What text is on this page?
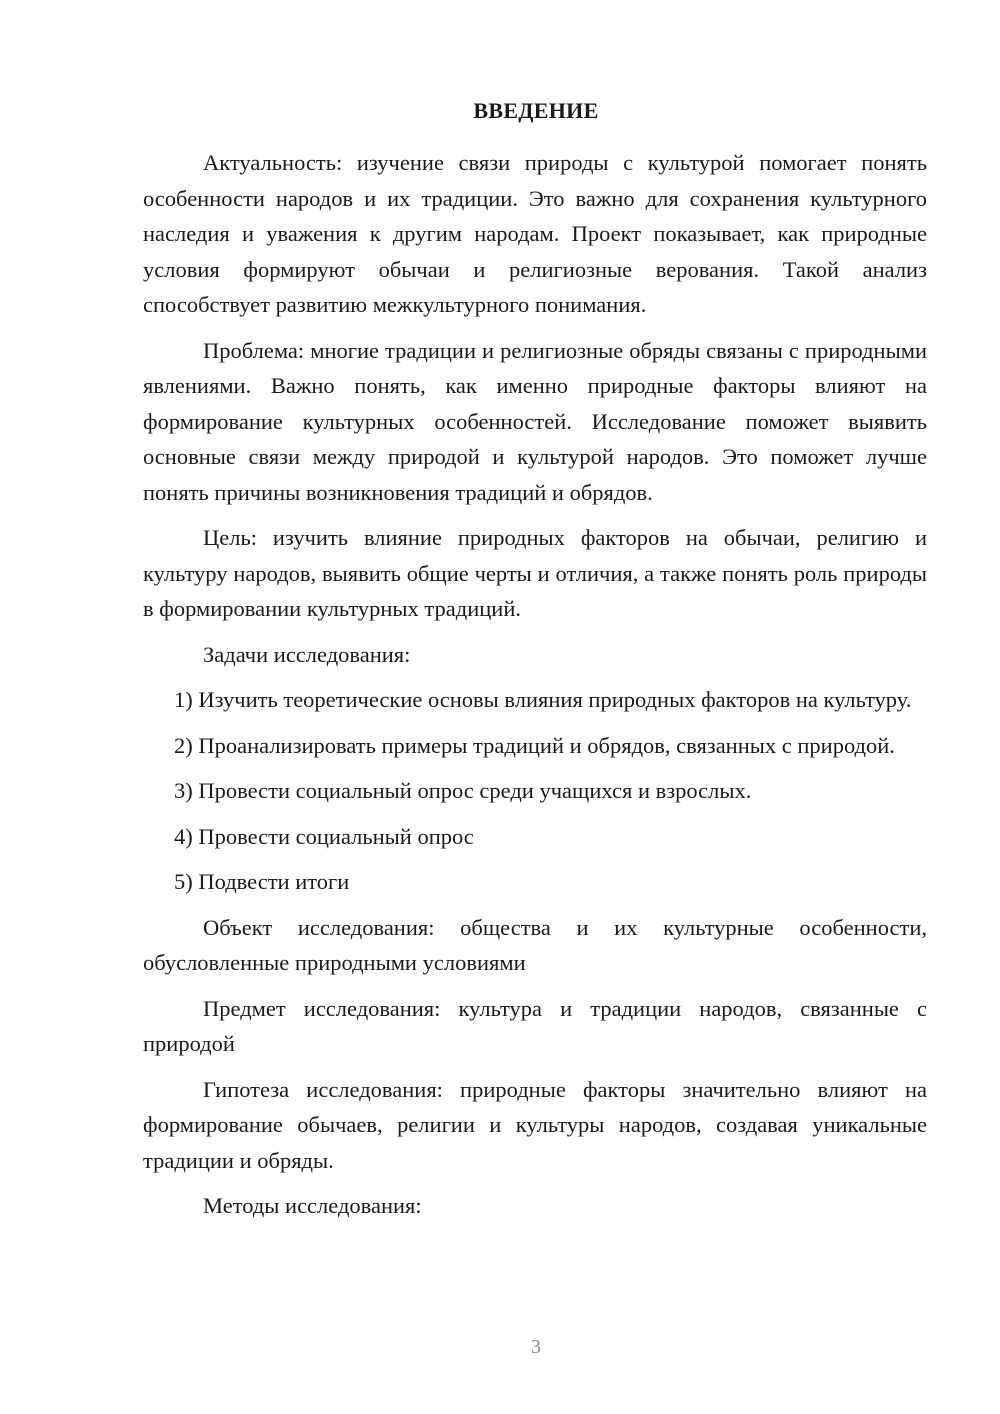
ВВЕДЕНИЕ

Актуальность: изучение связи природы с культурой помогает понять особенности народов и их традиции. Это важно для сохранения культурного наследия и уважения к другим народам. Проект показывает, как природные условия формируют обычаи и религиозные верования. Такой анализ способствует развитию межкультурного понимания.

Проблема: многие традиции и религиозные обряды связаны с природными явлениями. Важно понять, как именно природные факторы влияют на формирование культурных особенностей. Исследование поможет выявить основные связи между природой и культурой народов. Это поможет лучше понять причины возникновения традиций и обрядов.

Цель: изучить влияние природных факторов на обычаи, религию и культуру народов, выявить общие черты и отличия, а также понять роль природы в формировании культурных традиций.

Задачи исследования:

1) Изучить теоретические основы влияния природных факторов на культуру.

2) Проанализировать примеры традиций и обрядов, связанных с природой.

3) Провести социальный опрос среди учащихся и взрослых.

4) Провести социальный опрос

5) Подвести итоги

Объект исследования: общества и их культурные особенности, обусловленные природными условиями

Предмет исследования: культура и традиции народов, связанные с природой

Гипотеза исследования: природные факторы значительно влияют на формирование обычаев, религии и культуры народов, создавая уникальные традиции и обряды.

Методы исследования:

3
